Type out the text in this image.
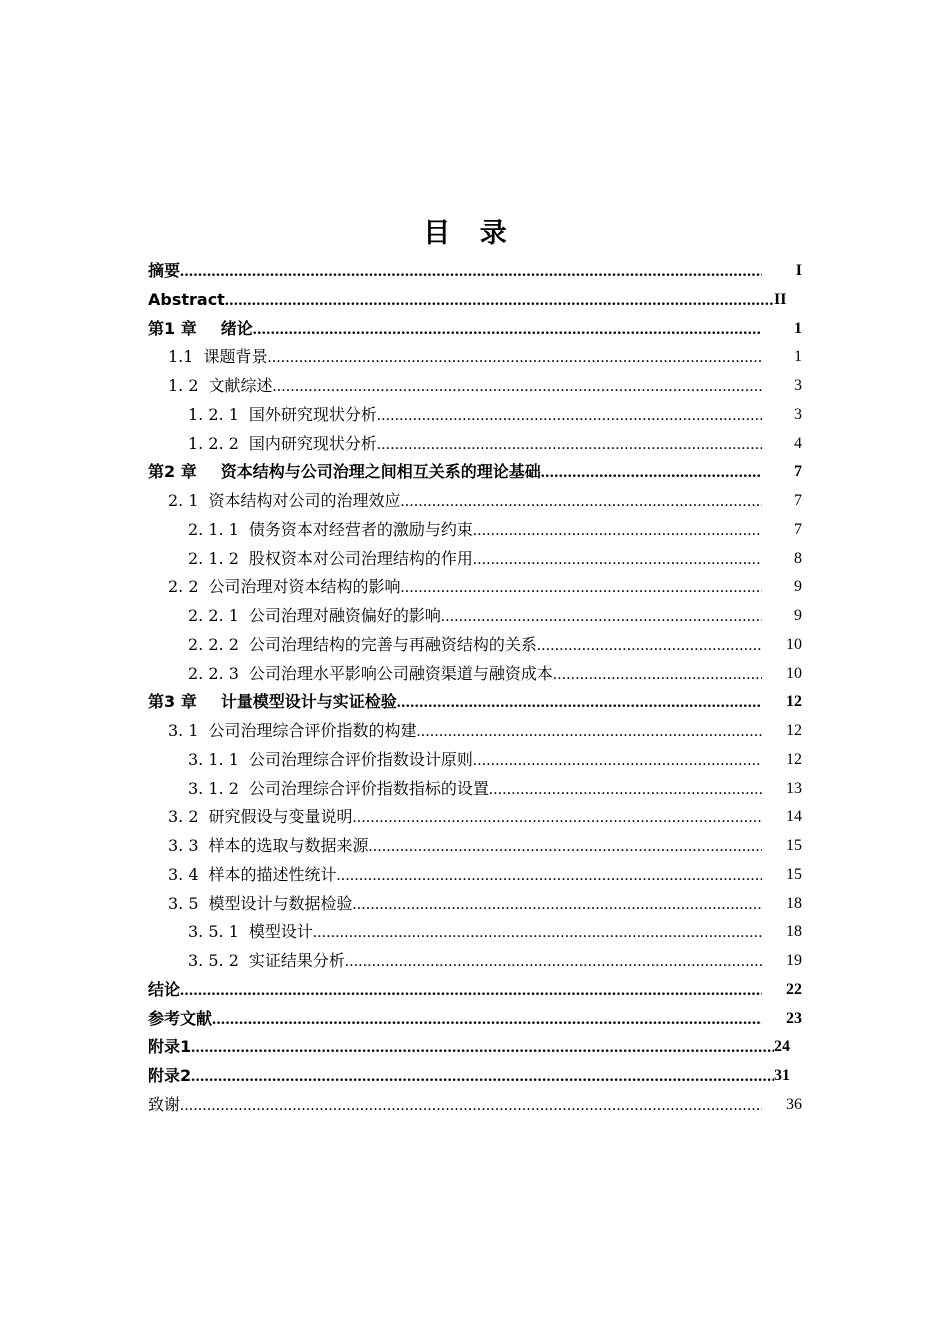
目 录
摘要 .....	I
Abstract .....	II
第1 章 绪论 .....	1
1.1 课题背景 .....	1
1. 2 文献综述 .....	3
1. 2. 1 国外研究现状分析 .....	3
1. 2. 2 国内研究现状分析 .....	4
第2 章 资本结构与公司治理之间相互关系的理论基础 .....	7
2. 1 资本结构对公司的治理效应 .....	7
2. 1. 1 债务资本对经营者的激励与约束 .....	7
2. 1. 2 股权资本对公司治理结构的作用 .....	8
2. 2 公司治理对资本结构的影响 .....	9
2. 2. 1 公司治理对融资偏好的影响 .....	9
2. 2. 2 公司治理结构的完善与再融资结构的关系 .....	10
2. 2. 3 公司治理水平影响公司融资渠道与融资成本 .....	10
第3 章 计量模型设计与实证检验 .....	12
3. 1 公司治理综合评价指数的构建 .....	12
3. 1. 1 公司治理综合评价指数设计原则 .....	12
3. 1. 2 公司治理综合评价指数指标的设置 .....	13
3. 2 研究假设与变量说明 .....	14
3. 3 样本的选取与数据来源 .....	15
3. 4 样本的描述性统计 .....	15
3. 5 模型设计与数据检验 .....	18
3. 5. 1 模型设计 .....	18
3. 5. 2 实证结果分析 .....	19
结论 .....	22
参考文献 .....	23
附录1 .....	24
附录2 .....	31
致谢 .....	36
